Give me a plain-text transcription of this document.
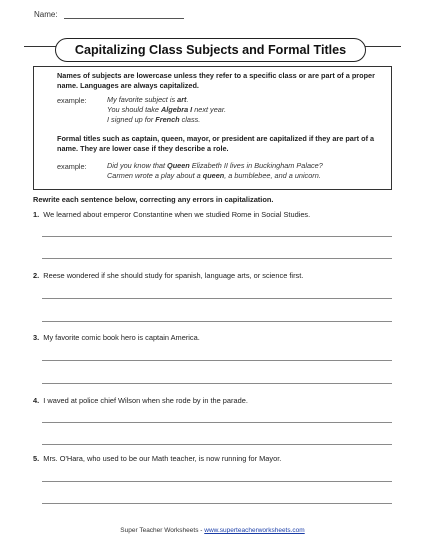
Name:
Capitalizing Class Subjects and Formal Titles
Names of subjects are lowercase unless they refer to a specific class or are part of a proper name. Languages are always capitalized.
example:	My favorite subject is art.
You should take Algebra I next year.
I signed up for French class.
Formal titles such as captain, queen, mayor, or president are capitalized if they are part of a name. They are lower case if they describe a role.
example:	Did you know that Queen Elizabeth II lives in Buckingham Palace?
Carmen wrote a play about a queen, a bumblebee, and a unicorn.
Rewrite each sentence below, correcting any errors in capitalization.
1. We learned about emperor Constantine when we studied Rome in Social Studies.
2. Reese wondered if she should study for spanish, language arts, or science first.
3. My favorite comic book hero is captain America.
4. I waved at police chief Wilson when she rode by in the parade.
5. Mrs. O'Hara, who used to be our Math teacher, is now running for Mayor.
Super Teacher Worksheets - www.superteacherworksheets.com
